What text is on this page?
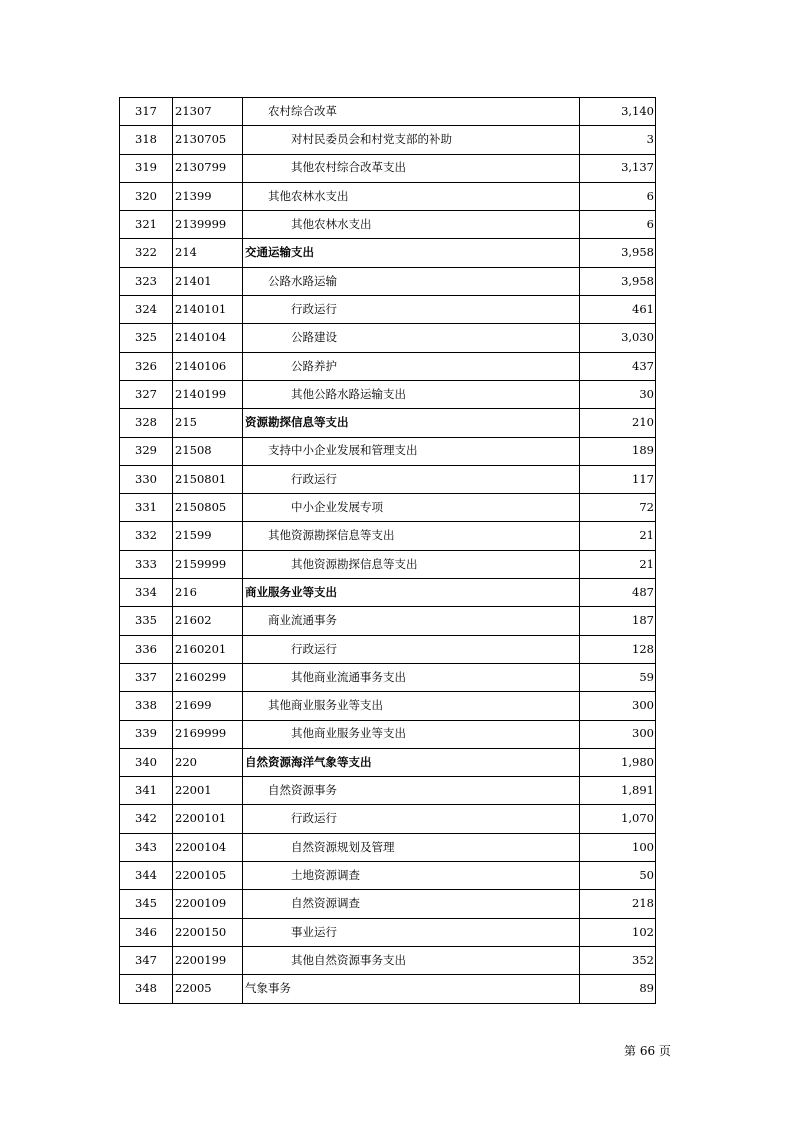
317	21307	农村综合改革	3,140
318	2130705	对村民委员会和村党支部的补助	3
319	2130799	其他农村综合改革支出	3,137
320	21399	其他农林水支出	6
321	2139999	其他农林水支出	6
322	214	交通运输支出	3,958
323	21401	公路水路运输	3,958
324	2140101	行政运行	461
325	2140104	公路建设	3,030
326	2140106	公路养护	437
327	2140199	其他公路水路运输支出	30
328	215	资源勘探信息等支出	210
329	21508	支持中小企业发展和管理支出	189
330	2150801	行政运行	117
331	2150805	中小企业发展专项	72
332	21599	其他资源勘探信息等支出	21
333	2159999	其他资源勘探信息等支出	21
334	216	商业服务业等支出	487
335	21602	商业流通事务	187
336	2160201	行政运行	128
337	2160299	其他商业流通事务支出	59
338	21699	其他商业服务业等支出	300
339	2169999	其他商业服务业等支出	300
340	220	自然资源海洋气象等支出	1,980
341	22001	自然资源事务	1,891
342	2200101	行政运行	1,070
343	2200104	自然资源规划及管理	100
344	2200105	土地资源调查	50
345	2200109	自然资源调查	218
346	2200150	事业运行	102
347	2200199	其他自然资源事务支出	352
348	22005	气象事务	89
第 66 页
